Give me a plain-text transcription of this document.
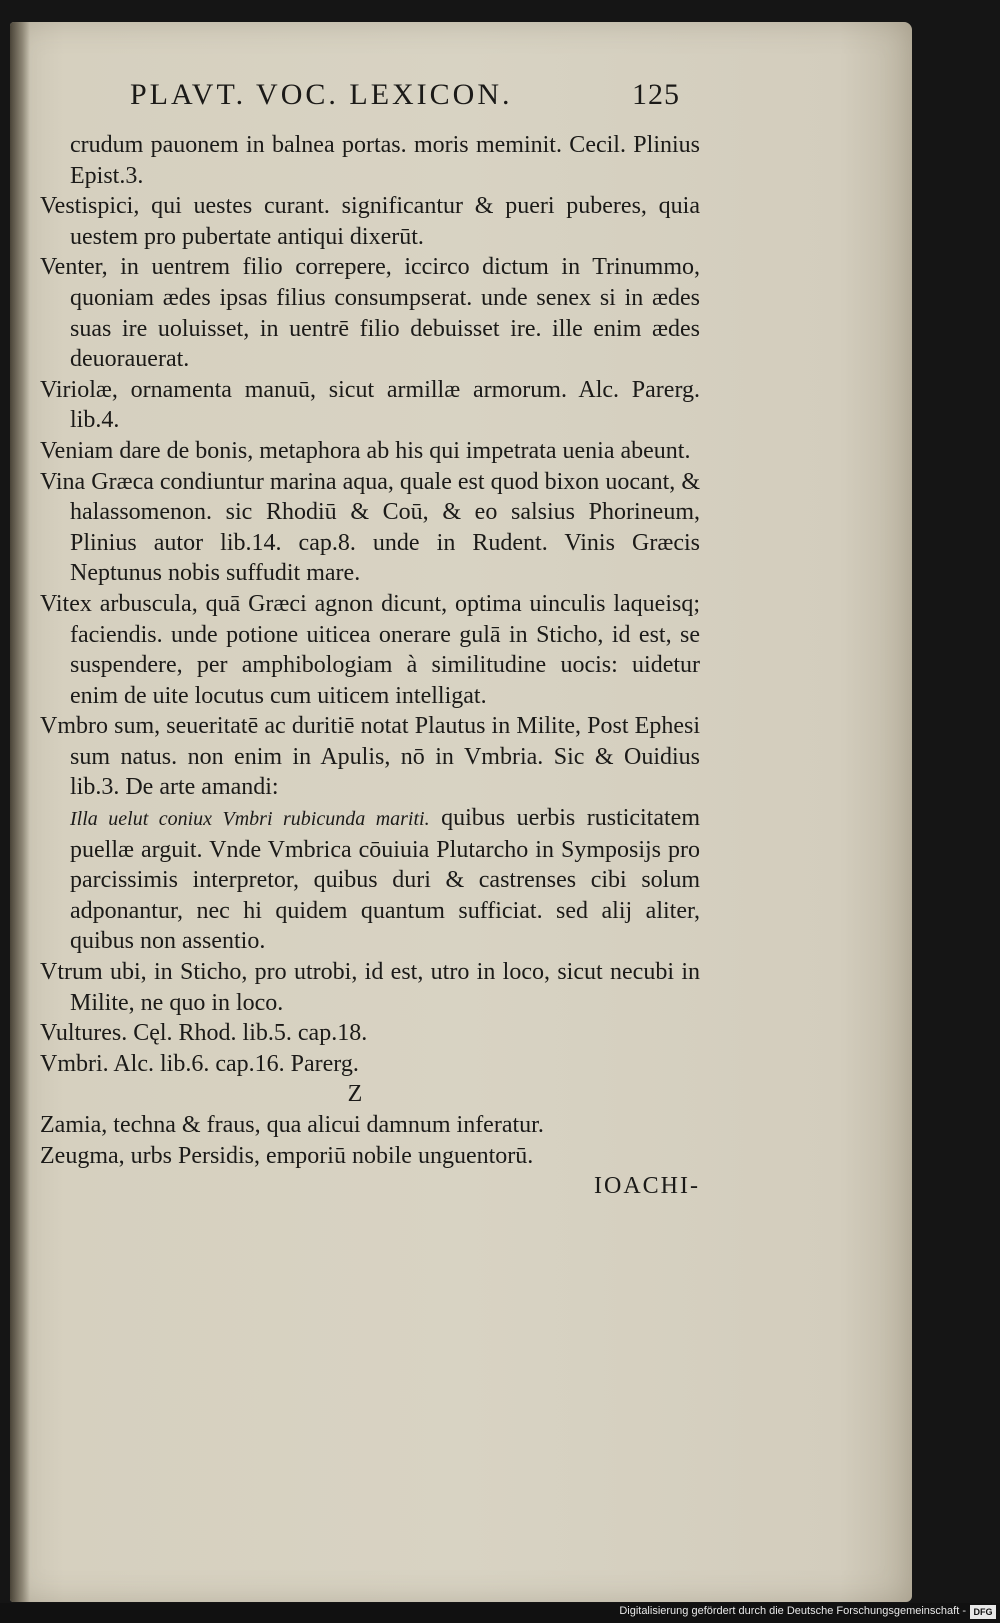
PLAVT. VOC. LEXICON.	125

crudum pauonem in balnea portas. moris meminit. Cecil. Plinius Epist.3.

Vestispici, qui uestes curant. significantur & pueri puberes, quia uestem pro pubertate antiqui dixerūt.

Venter, in uentrem filio correpere, iccirco dictum in Trinummo, quoniam ædes ipsas filius consumpserat. unde senex si in ædes suas ire uoluisset, in uentrē filio debuisset ire. ille enim ædes deuorauerat.

Viriolæ, ornamenta manuū, sicut armillæ armorum. Alc. Parerg. lib.4.

Veniam dare de bonis, metaphora ab his qui impetrata uenia abeunt.

Vina Græca condiuntur marina aqua, quale est quod bixon uocant, & halassomenon. sic Rhodiū & Coū, & eo salsius Phorineum, Plinius autor lib.14. cap.8. unde in Rudent. Vinis Græcis Neptunus nobis suffudit mare.

Vitex arbuscula, quā Græci agnon dicunt, optima uinculis laqueisq; faciendis. unde potione uiticea onerare gulā in Sticho, id est, se suspendere, per amphibologiam à similitudine uocis: uidetur enim de uite locutus cum uiticem intelligat.

Vmbro sum, seueritatē ac duritiē notat Plautus in Milite, Post Ephesi sum natus. non enim in Apulis, nō in Vmbria. Sic & Ouidius lib.3. De arte amandi:

Illa uelut coniux Vmbri rubicunda mariti. quibus uerbis rusticitatem puellæ arguit. Vnde Vmbrica cōuiuia Plutarcho in Symposijs pro parcissimis interpretor, quibus duri & castrenses cibi solum adponantur, nec hi quidem quantum sufficiat. sed alij aliter, quibus non assentio.

Vtrum ubi, in Sticho, pro utrobi, id est, utro in loco, sicut necubi in Milite, ne quo in loco.

Vultures. Cęl. Rhod. lib.5. cap.18.

Vmbri. Alc. lib.6. cap.16. Parerg.

Z

Zamia, techna & fraus, qua alicui damnum inferatur.

Zeugma, urbs Persidis, emporiū nobile unguentorū.

IOACHI-

Digitalisierung gefördert durch die Deutsche Forschungsgemeinschaft - DFG
